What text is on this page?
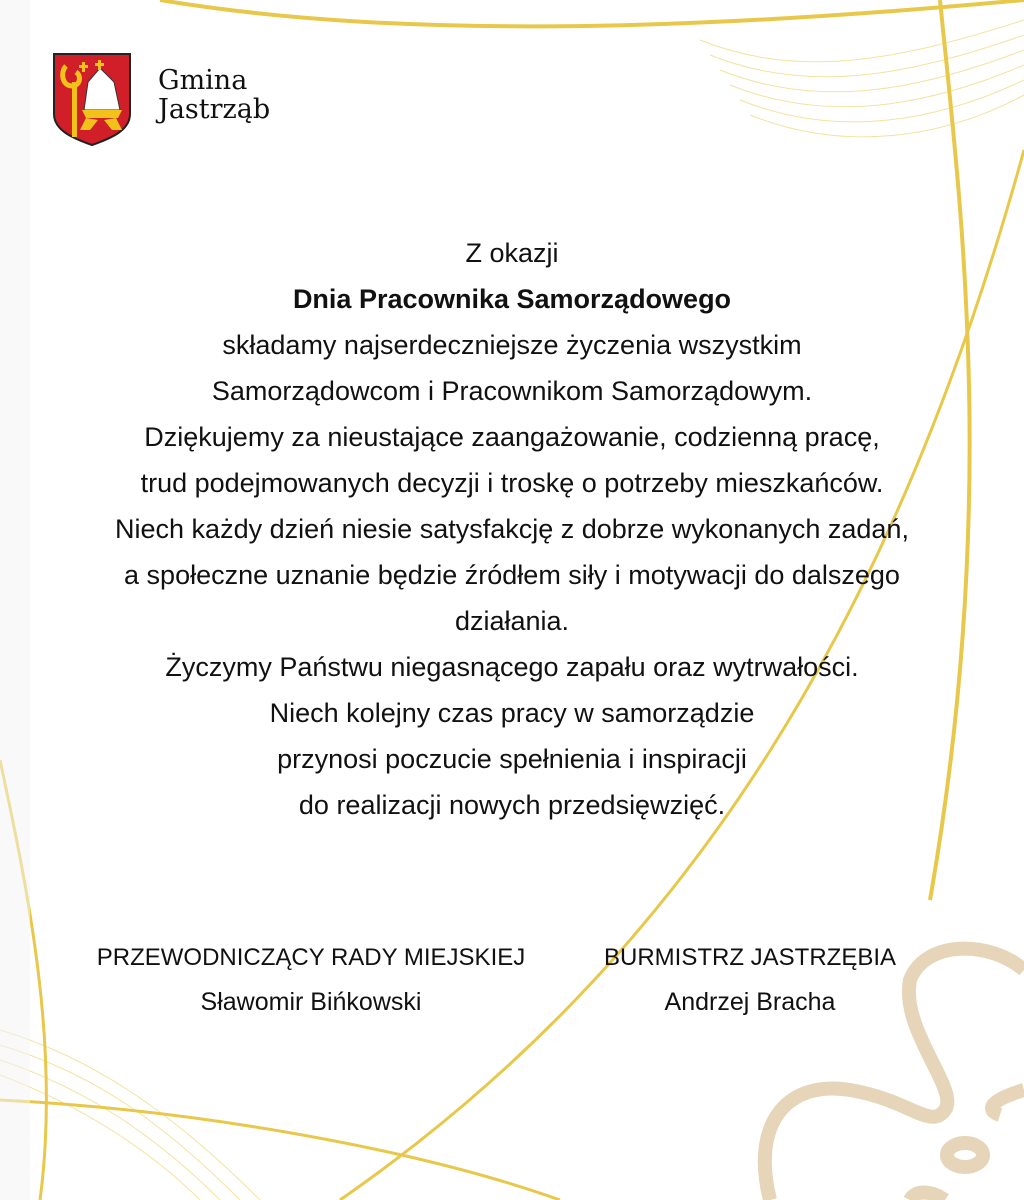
Gmina
Jastrząb
Z okazji
Dnia Pracownika Samorządowego
składamy najserdeczniejsze życzenia wszystkim
Samorządowcom i Pracownikom Samorządowym.
Dziękujemy za nieustające zaangażowanie, codzienną pracę,
trud podejmowanych decyzji i troskę o potrzeby mieszkańców.
Niech każdy dzień niesie satysfakcję z dobrze wykonanych zadań,
a społeczne uznanie będzie źródłem siły i motywacji do dalszego
działania.
Życzymy Państwu niegasnącego zapału oraz wytrwałości.
Niech kolejny czas pracy w samorządzie
przynosi poczucie spełnienia i inspiracji
do realizacji nowych przedsięwzięć.
PRZEWODNICZĄCY RADY MIEJSKIEJ
Sławomir Bińkowski
BURMISTRZ JASTRZĘBIA
Andrzej Bracha
